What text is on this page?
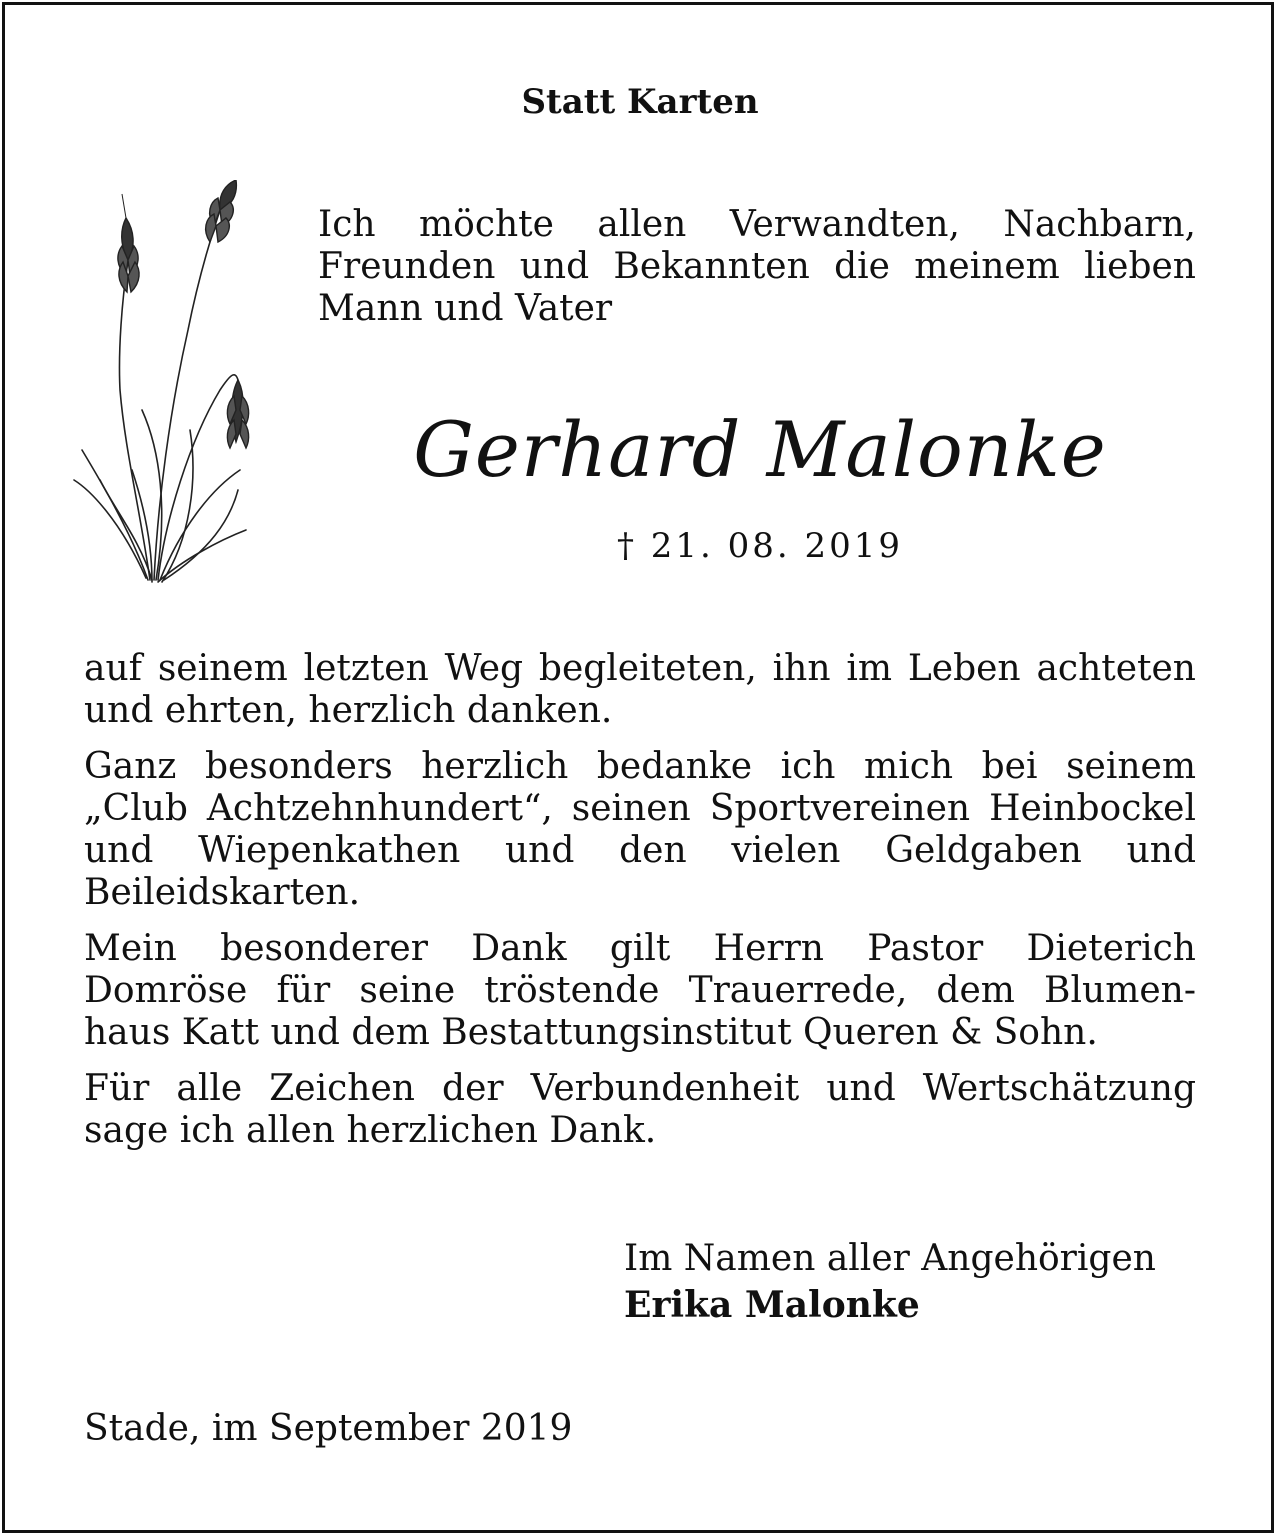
Statt Karten
Ich möchte allen Verwandten, Nachbarn,
Freunden und Bekannten die meinem lieben
Mann und Vater
Gerhard Malonke
† 21. 08. 2019

auf seinem letzten Weg begleiteten, ihn im Leben achteten
und ehrten, herzlich danken.

Ganz besonders herzlich bedanke ich mich bei seinem
„Club Achtzehnhundert“, seinen Sportvereinen Heinbockel
und Wiepenkathen und den vielen Geldgaben und
Beileidskarten.

Mein besonderer Dank gilt Herrn Pastor Dieterich
Domröse für seine tröstende Trauerrede, dem Blumen-
haus Katt und dem Bestattungsinstitut Queren & Sohn.

Für alle Zeichen der Verbundenheit und Wertschätzung
sage ich allen herzlichen Dank.

Im Namen aller Angehörigen
Erika Malonke
Stade, im September 2019
